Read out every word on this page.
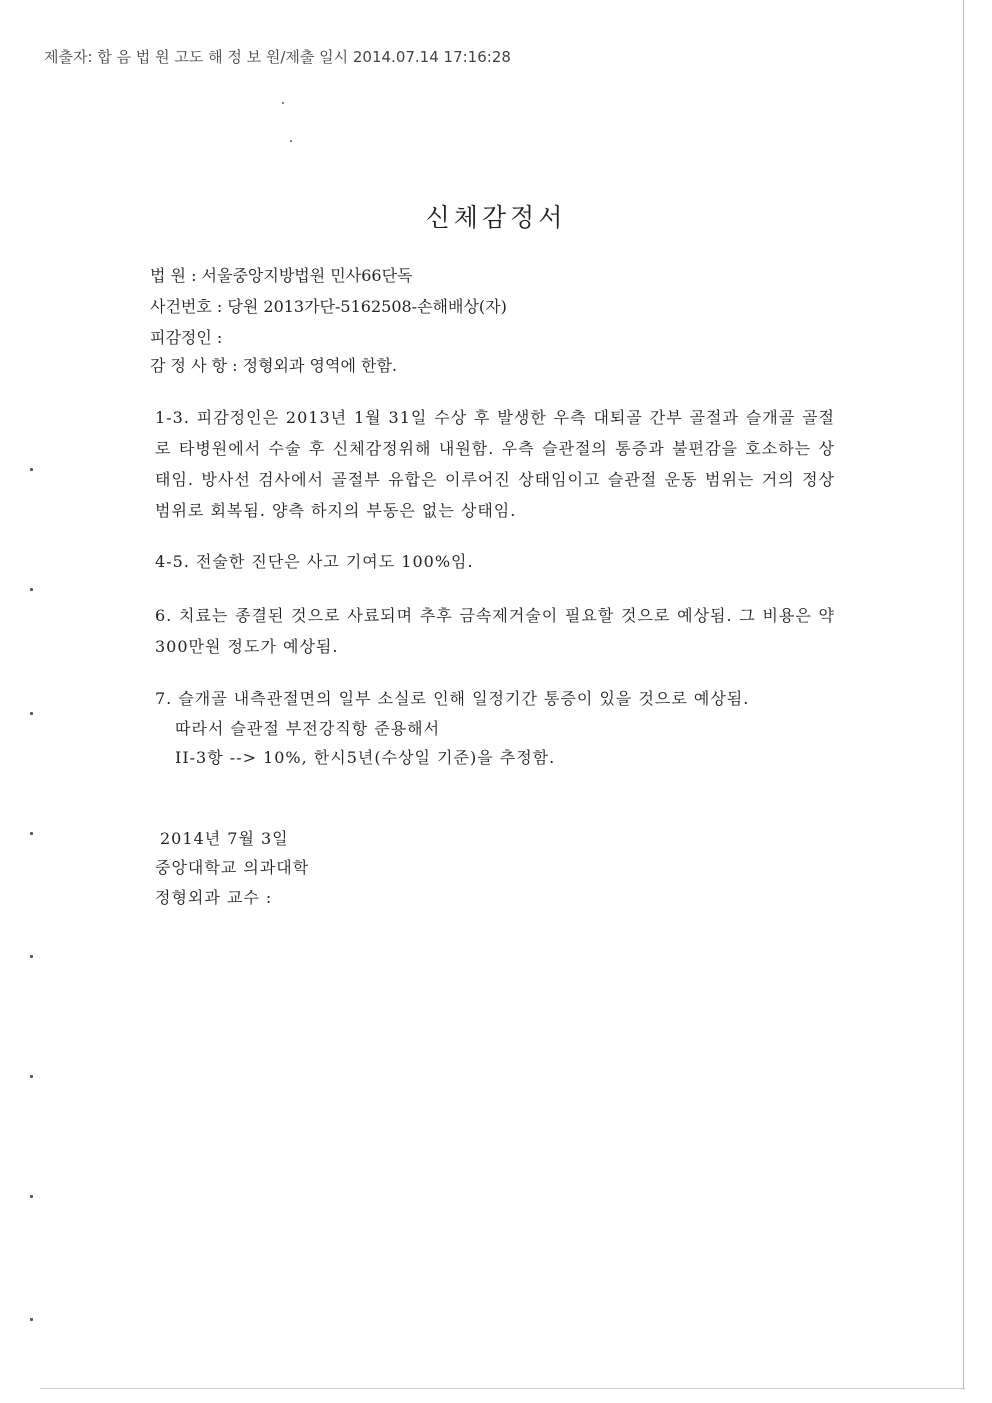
제출자: 합 음 법 원 고도 해 정 보 원/제출 일시 2014.07.14 17:16:28
신체감정서
법 원 : 서울중앙지방법원 민사66단독
사건번호 : 당원 2013가단-5162508-손해배상(자)
피감정인 :
감 정 사 항 : 정형외과 영역에 한함.
1-3. 피감정인은 2013년 1월 31일 수상 후 발생한 우측 대퇴골 간부 골절과 슬개골 골절로 타병원에서 수술 후 신체감정위해 내원함. 우측 슬관절의 통증과 불편감을 호소하는 상태임. 방사선 검사에서 골절부 유합은 이루어진 상태임이고 슬관절 운동 범위는 거의 정상 범위로 회복됨. 양측 하지의 부동은 없는 상태임.
4-5. 전술한 진단은 사고 기여도 100%임.
6. 치료는 종결된 것으로 사료되며 추후 금속제거술이 필요할 것으로 예상됨. 그 비용은 약 300만원 정도가 예상됨.
7. 슬개골 내측관절면의 일부 소실로 인해 일정기간 통증이 있을 것으로 예상됨.
따라서 슬관절 부전강직항 준용해서
II-3항 --> 10%, 한시5년(수상일 기준)을 추정함.
2014년 7월 3일
중앙대학교 의과대학
정형외과 교수 :
